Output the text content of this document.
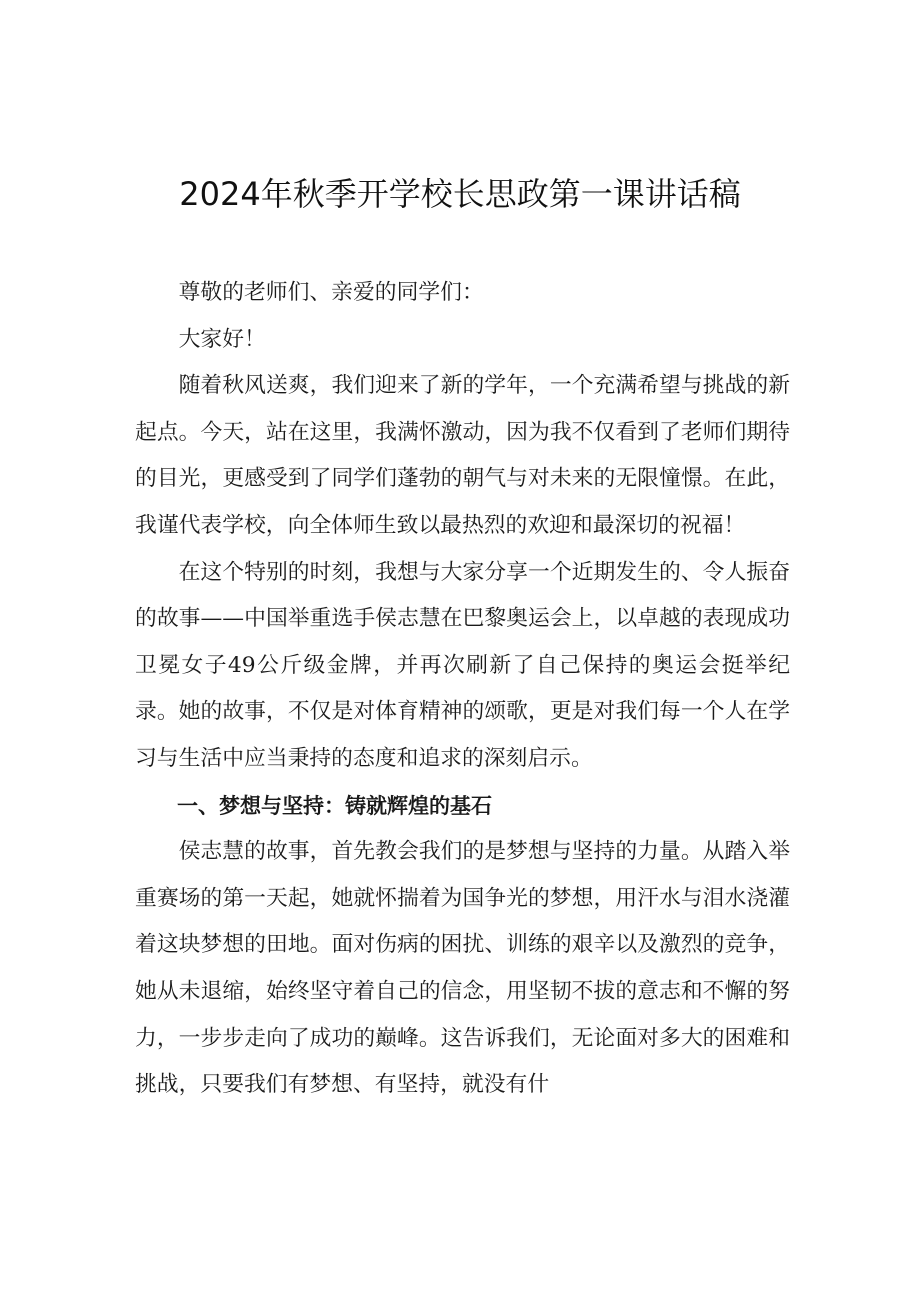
2024年秋季开学校长思政第一课讲话稿

尊敬的老师们、亲爱的同学们：

大家好！

随着秋风送爽，我们迎来了新的学年，一个充满希望与挑战的新起点。今天，站在这里，我满怀激动，因为我不仅看到了老师们期待的目光，更感受到了同学们蓬勃的朝气与对未来的无限憧憬。在此，我谨代表学校，向全体师生致以最热烈的欢迎和最深切的祝福！

在这个特别的时刻，我想与大家分享一个近期发生的、令人振奋的故事——中国举重选手侯志慧在巴黎奥运会上，以卓越的表现成功卫冕女子49公斤级金牌，并再次刷新了自己保持的奥运会挺举纪录。她的故事，不仅是对体育精神的颂歌，更是对我们每一个人在学习与生活中应当秉持的态度和追求的深刻启示。

一、梦想与坚持：铸就辉煌的基石

侯志慧的故事，首先教会我们的是梦想与坚持的力量。从踏入举重赛场的第一天起，她就怀揣着为国争光的梦想，用汗水与泪水浇灌着这块梦想的田地。面对伤病的困扰、训练的艰辛以及激烈的竞争，她从未退缩，始终坚守着自己的信念，用坚韧不拔的意志和不懈的努力，一步步走向了成功的巅峰。这告诉我们，无论面对多大的困难和挑战，只要我们有梦想、有坚持，就没有什
